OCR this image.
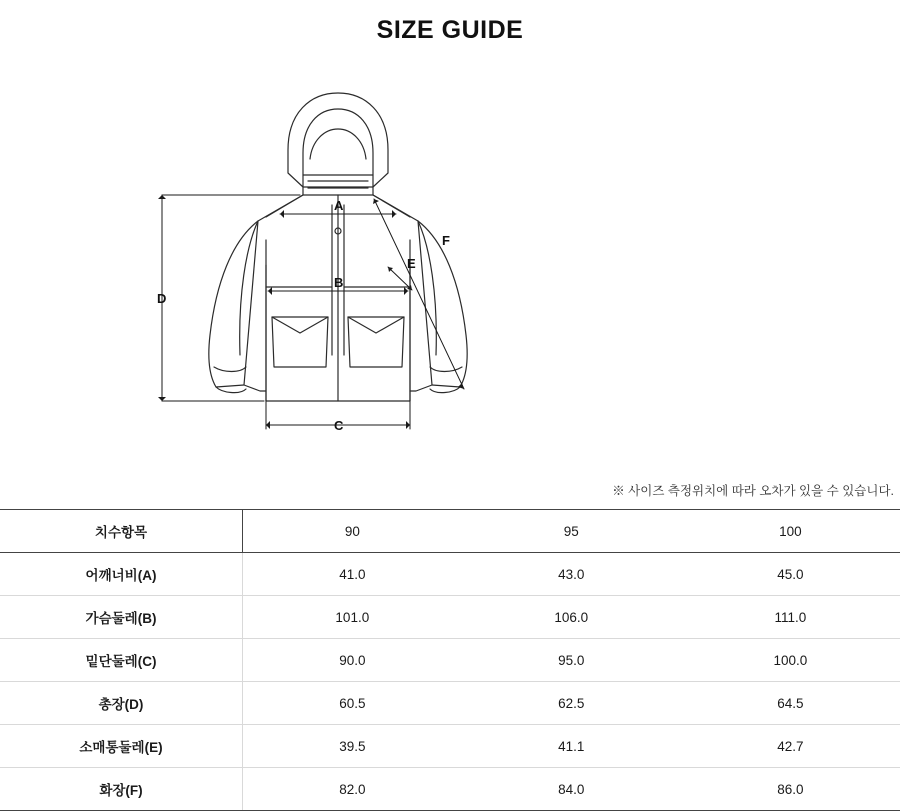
SIZE GUIDE
D
A
B
C
E
F
※ 사이즈 측정위치에 따라 오차가 있을 수 있습니다.
치수항목	90	95	100
어깨너비(A)	41.0	43.0	45.0
가슴둘레(B)	101.0	106.0	111.0
밑단둘레(C)	90.0	95.0	100.0
총장(D)	60.5	62.5	64.5
소매통둘레(E)	39.5	41.1	42.7
화장(F)	82.0	84.0	86.0
